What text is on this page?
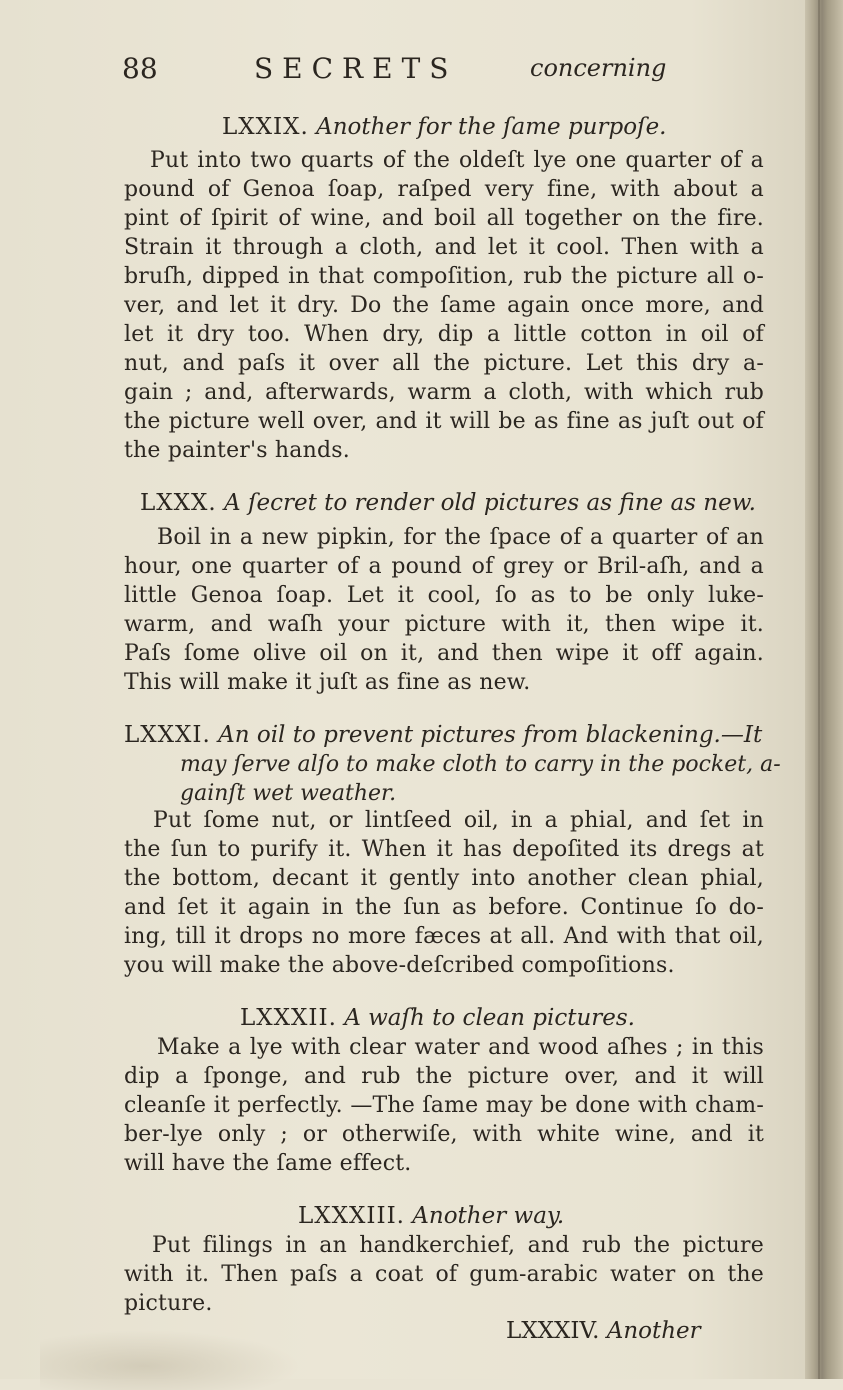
88	SECRETS	concerning
LXXIX. Another for the ſame purpoſe.
Put into two quarts of the oldeſt lye one quarter of a
pound of Genoa ſoap, raſped very fine, with about a
pint of ſpirit of wine, and boil all together on the fire.
Strain it through a cloth, and let it cool. Then with a
bruſh, dipped in that compoſition, rub the picture all o-
ver, and let it dry. Do the ſame again once more, and
let it dry too. When dry, dip a little cotton in oil of
nut, and paſs it over all the picture. Let this dry a-
gain ; and, afterwards, warm a cloth, with which rub
the picture well over, and it will be as fine as juſt out of
the painter's hands.
LXXX. A ſecret to render old pictures as fine as new.
Boil in a new pipkin, for the ſpace of a quarter of an
hour, one quarter of a pound of grey or Bril-aſh, and a
little Genoa ſoap. Let it cool, ſo as to be only luke-
warm, and waſh your picture with it, then wipe it.
Paſs ſome olive oil on it, and then wipe it off again.
This will make it juſt as fine as new.
LXXXI. An oil to prevent pictures from blackening.—It
may ſerve alſo to make cloth to carry in the pocket, a-
gainſt wet weather.
Put ſome nut, or lintſeed oil, in a phial, and ſet in
the ſun to purify it. When it has depoſited its dregs at
the bottom, decant it gently into another clean phial,
and ſet it again in the ſun as before. Continue ſo do-
ing, till it drops no more fæces at all. And with that oil,
you will make the above-deſcribed compoſitions.
LXXXII. A waſh to clean pictures.
Make a lye with clear water and wood aſhes ; in this
dip a ſponge, and rub the picture over, and it will
cleanſe it perfectly. —The ſame may be done with cham-
ber-lye only ; or otherwiſe, with white wine, and it
will have the ſame effect.
LXXXIII. Another way.
Put filings in an handkerchief, and rub the picture
with it. Then paſs a coat of gum-arabic water on the
picture.
LXXXIV. Another
